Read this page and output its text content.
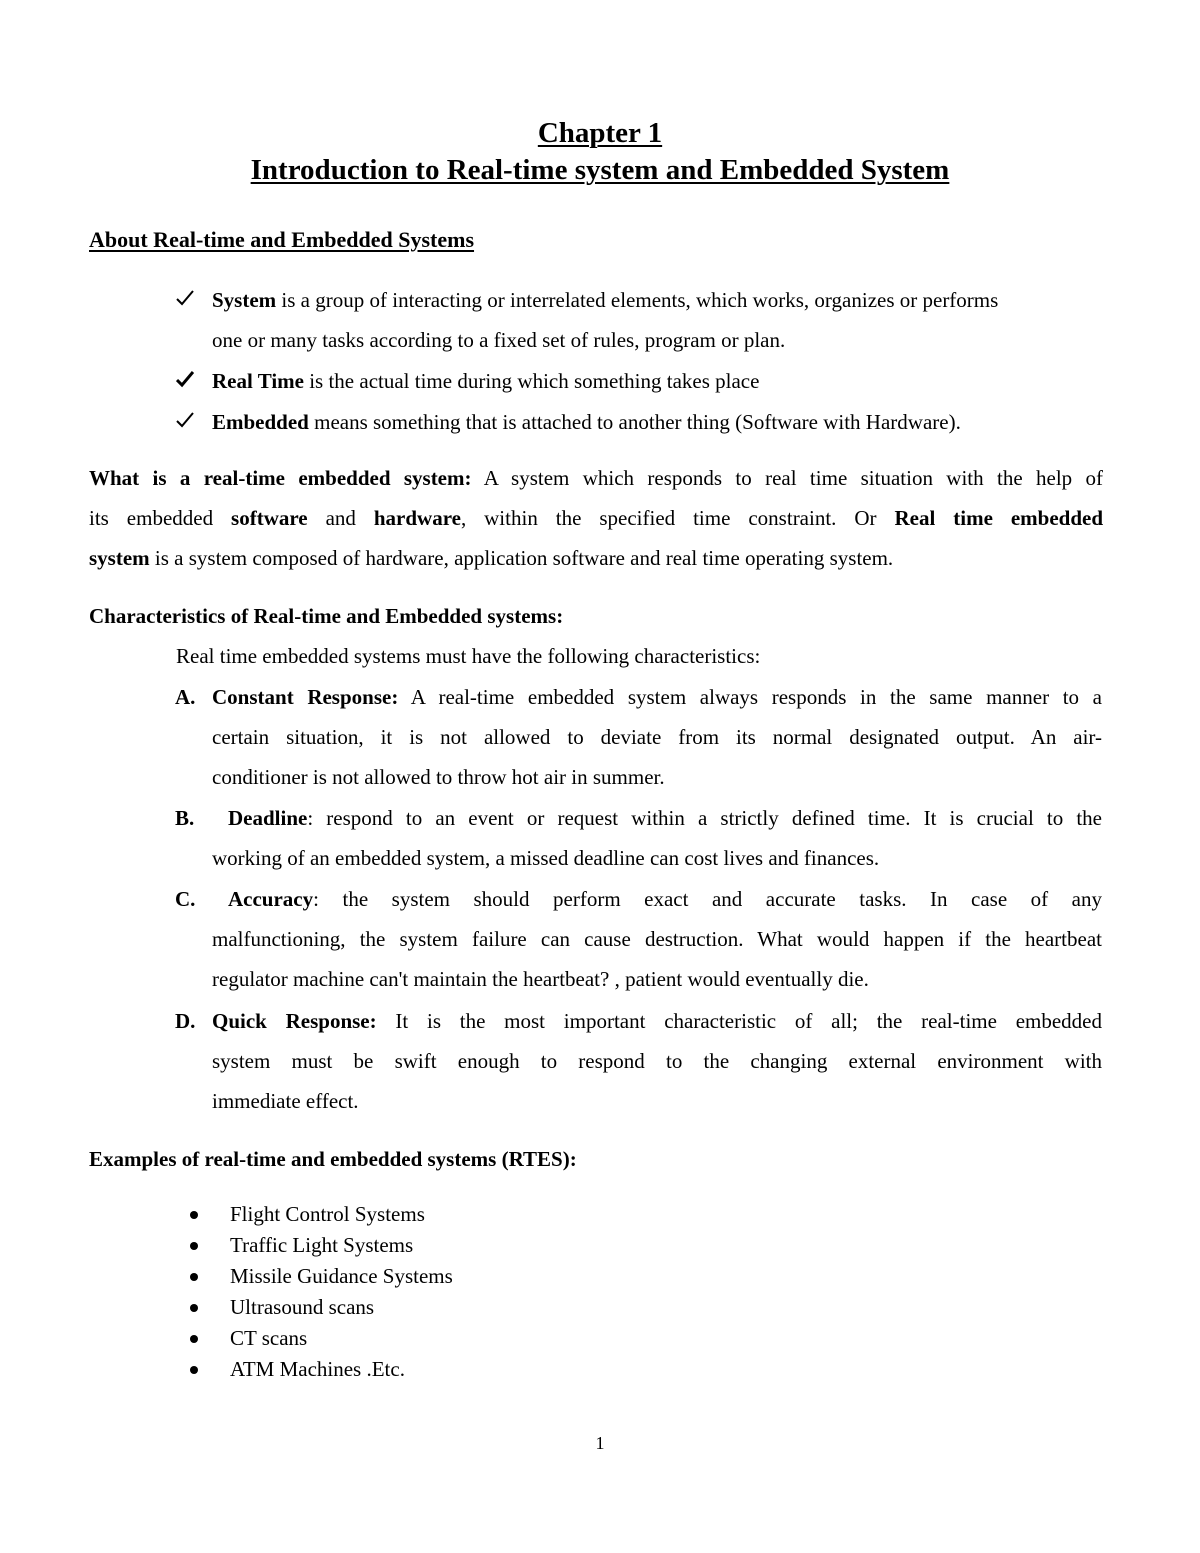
Chapter 1
Introduction to Real-time system and Embedded System
About Real-time and Embedded Systems
System is a group of interacting or interrelated elements, which works, organizes or performs
one or many tasks according to a fixed set of rules, program or plan.
Real Time is the actual time during which something takes place
Embedded means something that is attached to another thing (Software with Hardware).
What is a real-time embedded system: A system which responds to real time situation with the help of
its embedded software and hardware, within the specified time constraint. Or Real time embedded
system is a system composed of hardware, application software and real time operating system.
Characteristics of Real-time and Embedded systems:
Real time embedded systems must have the following characteristics:
A. Constant Response: A real-time embedded system always responds in the same manner to a
certain situation, it is not allowed to deviate from its normal designated output. An air-
conditioner is not allowed to throw hot air in summer.
B.	Deadline: respond to an event or request within a strictly defined time. It is crucial to the
working of an embedded system, a missed deadline can cost lives and finances.
C.	Accuracy: the system should perform exact and accurate tasks. In case of any
malfunctioning, the system failure can cause destruction. What would happen if the heartbeat
regulator machine can't maintain the heartbeat? , patient would eventually die.
D. Quick Response: It is the most important characteristic of all; the real-time embedded
system must be swift enough to respond to the changing external environment with
immediate effect.
Examples of real-time and embedded systems (RTES):
Flight Control Systems
Traffic Light Systems
Missile Guidance Systems
Ultrasound scans
CT scans
ATM Machines .Etc.
1
